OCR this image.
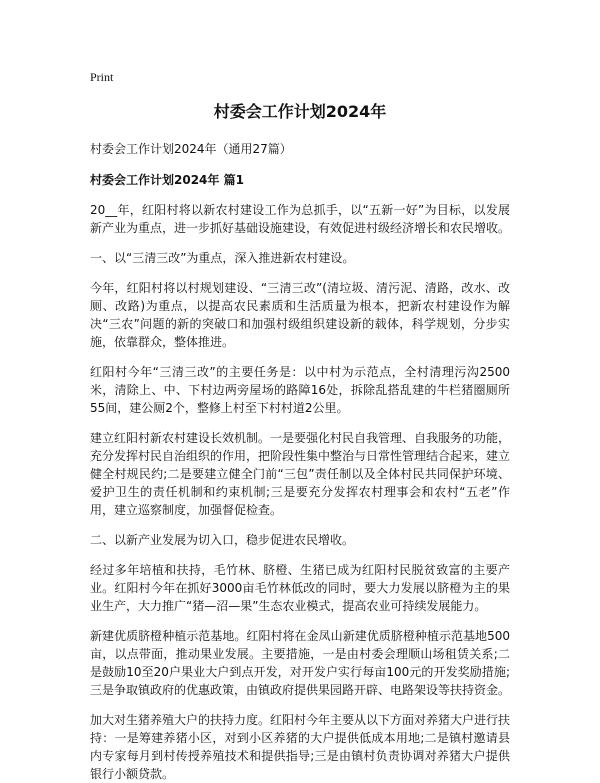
Print
村委会工作计划2024年
村委会工作计划2024年（通用27篇）
村委会工作计划2024年 篇1

20__年，红阳村将以新农村建设工作为总抓手，以“五新一好”为目标，以发展新产业为重点，进一步抓好基础设施建设，有效促进村级经济增长和农民增收。

一、以“三清三改”为重点，深入推进新农村建设。

今年，红阳村将以村规划建设、“三清三改”(清垃圾、清污泥、清路，改水、改厕、改路)为重点，以提高农民素质和生活质量为根本，把新农村建设作为解决“三农”问题的新的突破口和加强村级组织建设新的载体，科学规划，分步实施，依靠群众，整体推进。

红阳村今年“三清三改”的主要任务是：以中村为示范点，全村清理污沟2500米，清除上、中、下村边两旁屋场的路障16处，拆除乱搭乱建的牛栏猪圈厕所55间，建公厕2个，整修上村至下村村道2公里。

建立红阳村新农村建设长效机制。一是要强化村民自我管理、自我服务的功能，充分发挥村民自治组织的作用，把阶段性集中整治与日常性管理结合起来，建立健全村规民约;二是要建立健全门前“三包”责任制以及全体村民共同保护环境、爱护卫生的责任机制和约束机制;三是要充分发挥农村理事会和农村“五老”作用，建立巡察制度，加强督促检查。

二、以新产业发展为切入口，稳步促进农民增收。

经过多年培植和扶持，毛竹林、脐橙、生猪已成为红阳村民脱贫致富的主要产业。红阳村今年在抓好3000亩毛竹林低改的同时，要大力发展以脐橙为主的果业生产，大力推广“猪—沼—果”生态农业模式，提高农业可持续发展能力。

新建优质脐橙种植示范基地。红阳村将在金凤山新建优质脐橙种植示范基地500亩，以点带面，推动果业发展。主要措施，一是由村委会理顺山场租赁关系;二是鼓励10至20户果业大户到点开发，对开发户实行每亩100元的开发奖励措施;三是争取镇政府的优惠政策，由镇政府提供果园路开辟、电路架设等扶持资金。

加大对生猪养殖大户的扶持力度。红阳村今年主要从以下方面对养猪大户进行扶持：一是筹建养猪小区，对到小区养猪的大户提供低成本用地;二是镇村邀请县内专家每月到村传授养殖技术和提供指导;三是由镇村负责协调对养猪大户提供银行小额贷款。
